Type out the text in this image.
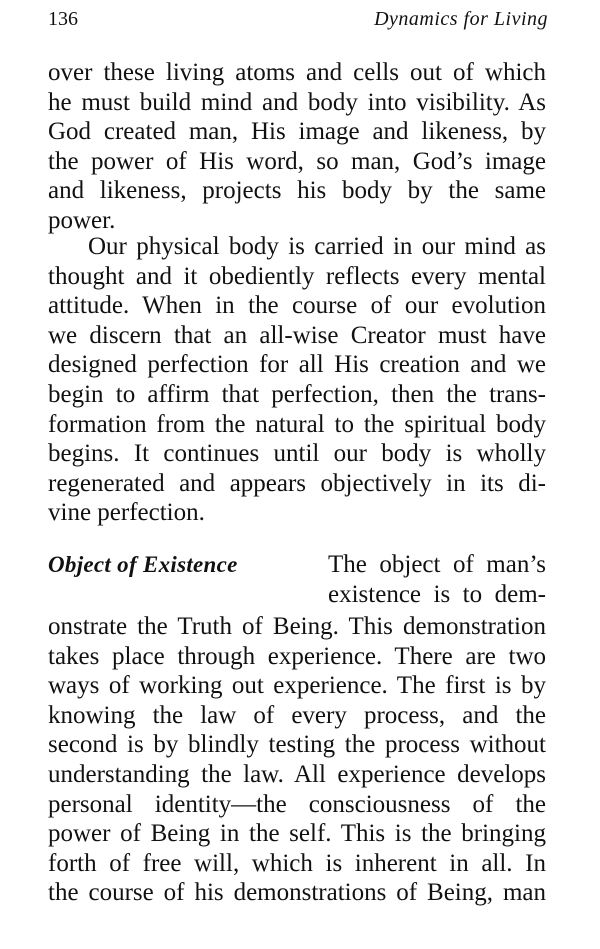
136	Dynamics for Living
over these living atoms and cells out of which
he must build mind and body into visibility. As
God created man, His image and likeness, by
the power of His word, so man, God’s image
and likeness, projects his body by the same
power.
Our physical body is carried in our mind as
thought and it obediently reflects every mental
attitude. When in the course of our evolution
we discern that an all-wise Creator must have
designed perfection for all His creation and we
begin to affirm that perfection, then the trans-
formation from the natural to the spiritual body
begins. It continues until our body is wholly
regenerated and appears objectively in its di-
vine perfection.
Object of Existence	The object of man’s
existence is to dem-
onstrate the Truth of Being. This demonstration
takes place through experience. There are two
ways of working out experience. The first is by
knowing the law of every process, and the
second is by blindly testing the process without
understanding the law. All experience develops
personal identity—the consciousness of the
power of Being in the self. This is the bringing
forth of free will, which is inherent in all. In
the course of his demonstrations of Being, man
